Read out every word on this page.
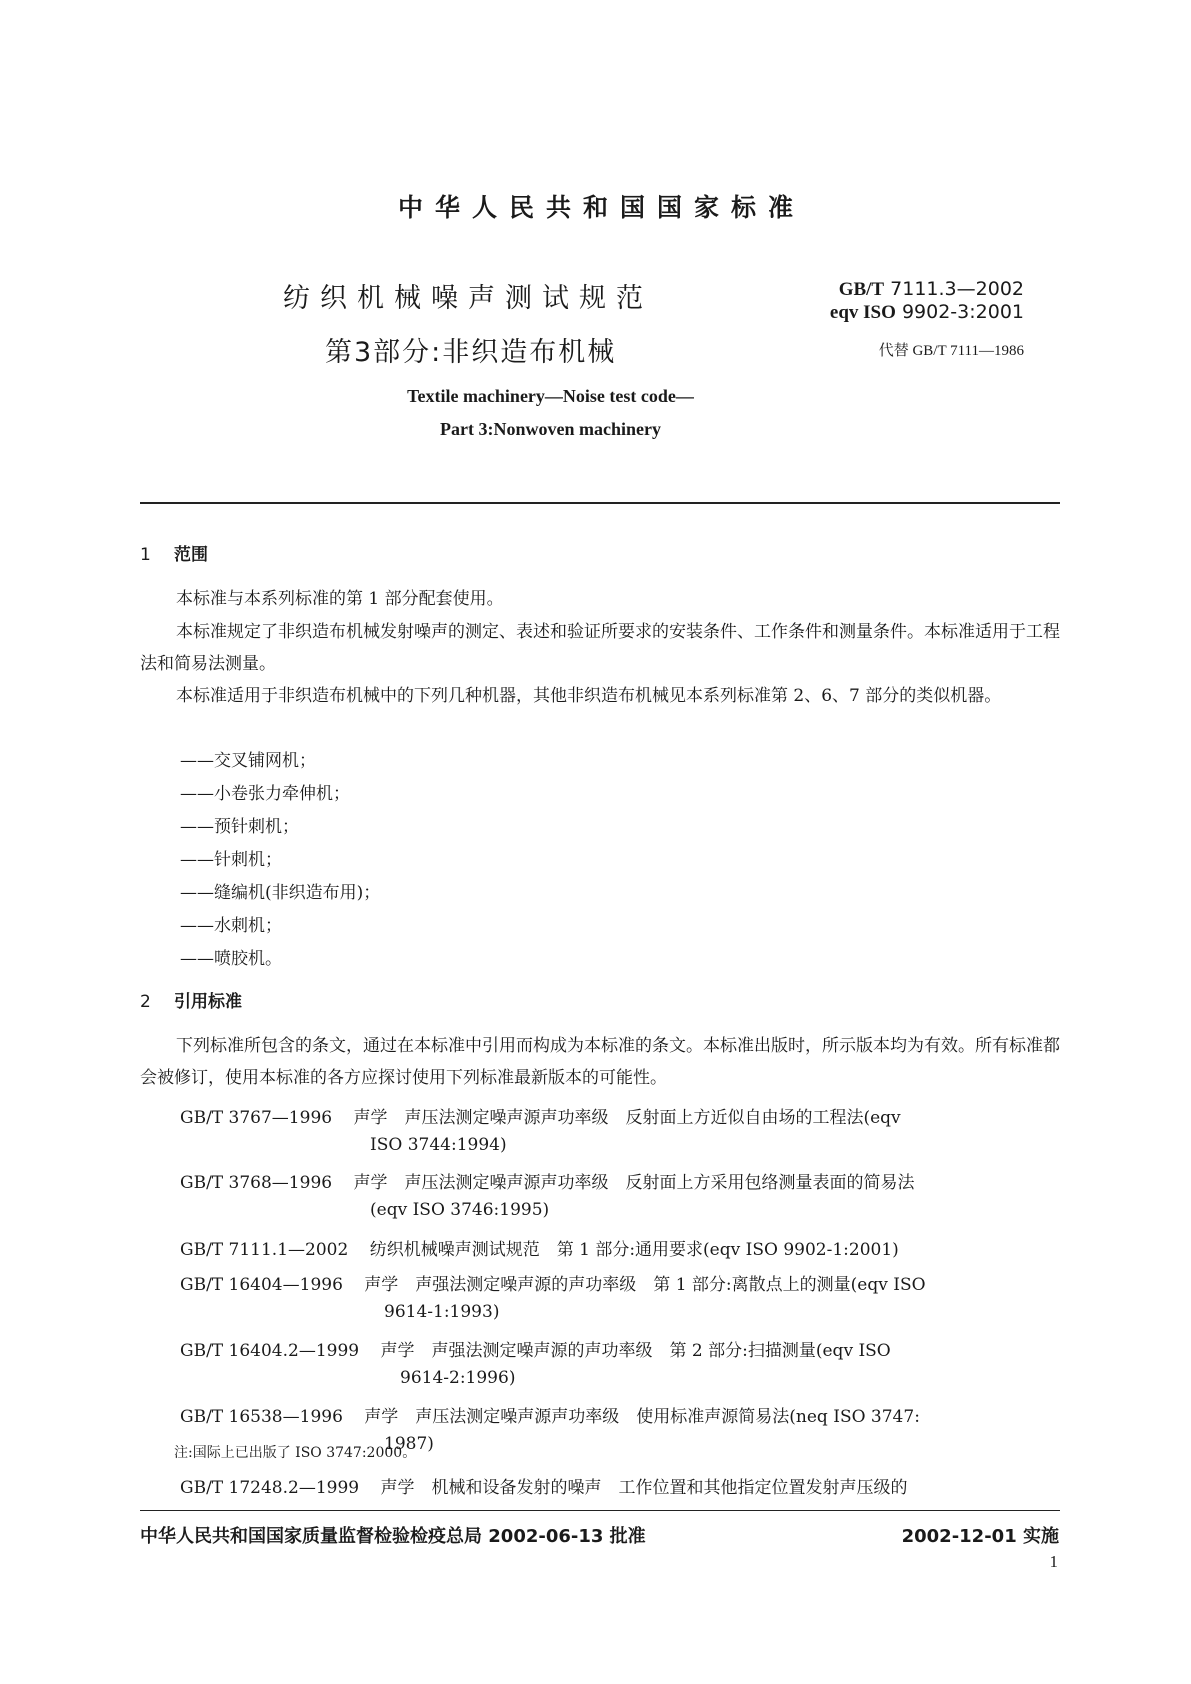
中华人民共和国国家标准
纺织机械噪声测试规范
第3部分:非织造布机械
Textile machinery—Noise test code—
Part 3:Nonwoven machinery
GB/T 7111.3—2002
eqv ISO 9902-3:2001
代替 GB/T 7111—1986
1 范围
本标准与本系列标准的第 1 部分配套使用。
本标准规定了非织造布机械发射噪声的测定、表述和验证所要求的安装条件、工作条件和测量条件。本标准适用于工程法和简易法测量。
本标准适用于非织造布机械中的下列几种机器，其他非织造布机械见本系列标准第 2、6、7 部分的类似机器。
——交叉铺网机；
——小卷张力牵伸机；
——预针刺机；
——针刺机；
——缝编机(非织造布用)；
——水刺机；
——喷胶机。
2 引用标准
下列标准所包含的条文，通过在本标准中引用而构成为本标准的条文。本标准出版时，所示版本均为有效。所有标准都会被修订，使用本标准的各方应探讨使用下列标准最新版本的可能性。
GB/T 3767—1996 声学　声压法测定噪声源声功率级　反射面上方近似自由场的工程法(eqv
ISO 3744:1994)
GB/T 3768—1996 声学　声压法测定噪声源声功率级　反射面上方采用包络测量表面的简易法
(eqv ISO 3746:1995)
GB/T 7111.1—2002 纺织机械噪声测试规范　第 1 部分:通用要求(eqv ISO 9902-1:2001)
GB/T 16404—1996 声学　声强法测定噪声源的声功率级　第 1 部分:离散点上的测量(eqv ISO
9614-1:1993)
GB/T 16404.2—1999 声学　声强法测定噪声源的声功率级　第 2 部分:扫描测量(eqv ISO
9614-2:1996)
GB/T 16538—1996 声学　声压法测定噪声源声功率级　使用标准声源简易法(neq ISO 3747:
1987)
注:国际上已出版了 ISO 3747:2000。
GB/T 17248.2—1999 声学　机械和设备发射的噪声　工作位置和其他指定位置发射声压级的
中华人民共和国国家质量监督检验检疫总局 2002-06-13 批准	2002-12-01 实施
1
